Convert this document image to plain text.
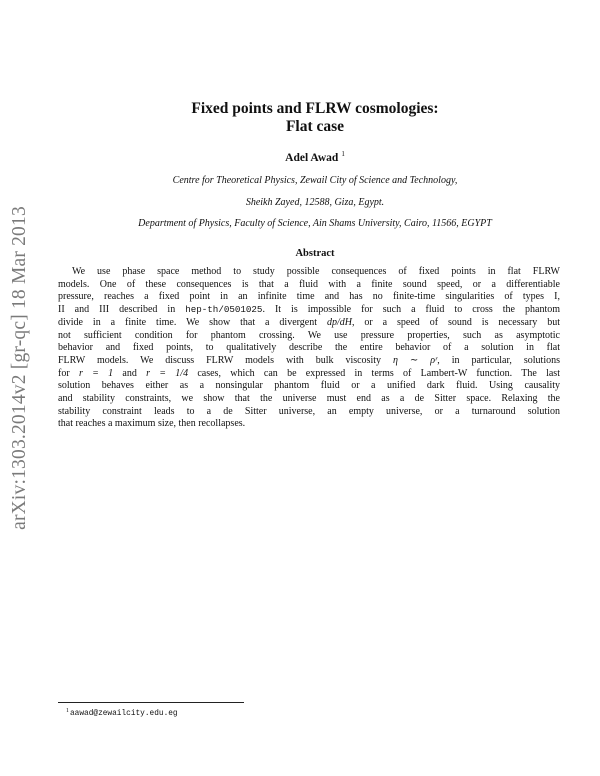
arXiv:1303.2014v2 [gr-qc] 18 Mar 2013
Fixed points and FLRW cosmologies:
Flat case
Adel Awad $^1$
Centre for Theoretical Physics, Zewail City of Science and Technology,
Sheikh Zayed, 12588, Giza, Egypt.
Department of Physics, Faculty of Science, Ain Shams University, Cairo, 11566, EGYPT
Abstract
We use phase space method to study possible consequences of fixed points in flat FLRW
models. One of these consequences is that a fluid with a finite sound speed, or a differentiable
pressure, reaches a fixed point in an infinite time and has no finite-time singularities of types I,
II and III described in hep-th/0501025. It is impossible for such a fluid to cross the phantom
divide in a finite time. We show that a divergent dp/dH, or a speed of sound is necessary but
not sufficient condition for phantom crossing. We use pressure properties, such as asymptotic
behavior and fixed points, to qualitatively describe the entire behavior of a solution in flat
FLRW models. We discuss FLRW models with bulk viscosity η ∼ ρʳ, in particular, solutions
for r = 1 and r = 1/4 cases, which can be expressed in terms of Lambert-W function. The last
solution behaves either as a nonsingular phantom fluid or a unified dark fluid. Using causality
and stability constraints, we show that the universe must end as a de Sitter space. Relaxing the
stability constraint leads to a de Sitter universe, an empty universe, or a turnaround solution
that reaches a maximum size, then recollapses.
$^1$aawad@zewailcity.edu.eg
